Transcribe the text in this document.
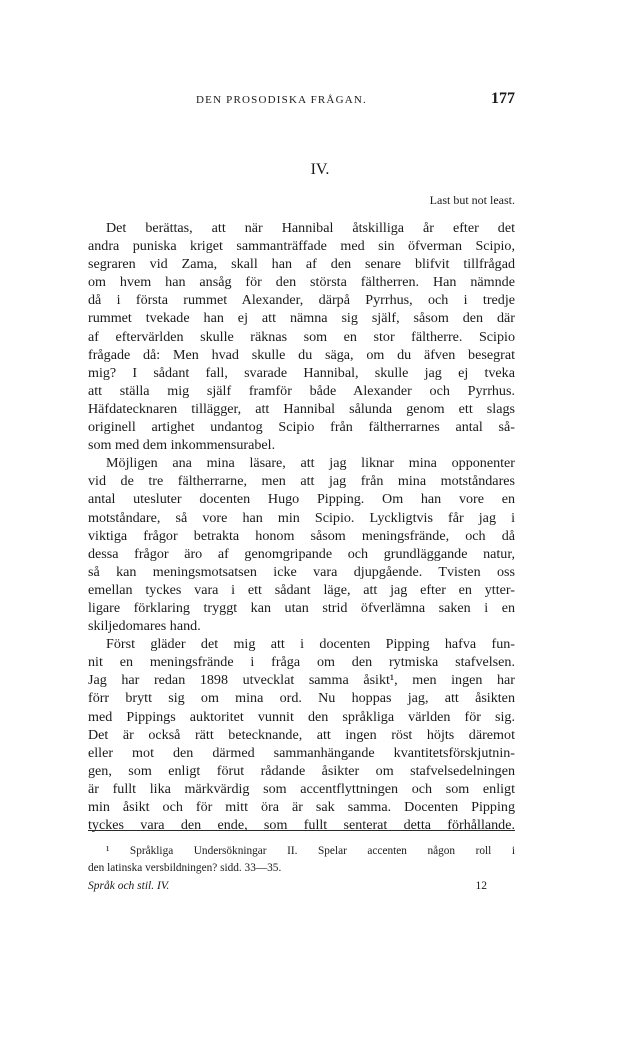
DEN PROSODISKA FRÅGAN.	177
IV.
Last but not least.
Det berättas, att när Hannibal åtskilliga år efter det
andra puniska kriget sammanträffade med sin öfverman Scipio,
segraren vid Zama, skall han af den senare blifvit tillfrågad
om hvem han ansåg för den största fältherren. Han nämnde
då i första rummet Alexander, därpå Pyrrhus, och i tredje
rummet tvekade han ej att nämna sig själf, såsom den där
af eftervärlden skulle räknas som en stor fältherre. Scipio
frågade då: Men hvad skulle du säga, om du äfven besegrat
mig? I sådant fall, svarade Hannibal, skulle jag ej tveka
att ställa mig själf framför både Alexander och Pyrrhus.
Häfdatecknaren tillägger, att Hannibal sålunda genom ett slags
originell artighet undantog Scipio från fältherrarnes antal så-
som med dem inkommensurabel.
Möjligen ana mina läsare, att jag liknar mina opponenter
vid de tre fältherrarne, men att jag från mina motståndares
antal utesluter docenten Hugo Pipping. Om han vore en
motståndare, så vore han min Scipio. Lyckligtvis får jag i
viktiga frågor betrakta honom såsom meningsfrände, och då
dessa frågor äro af genomgripande och grundläggande natur,
så kan meningsmotsatsen icke vara djupgående. Tvisten oss
emellan tyckes vara i ett sådant läge, att jag efter en ytter-
ligare förklaring tryggt kan utan strid öfverlämna saken i en
skiljedomares hand.
Först gläder det mig att i docenten Pipping hafva fun-
nit en meningsfrände i fråga om den rytmiska stafvelsen.
Jag har redan 1898 utvecklat samma åsikt¹, men ingen har
förr brytt sig om mina ord. Nu hoppas jag, att åsikten
med Pippings auktoritet vunnit den språkliga världen för sig.
Det är också rätt betecknande, att ingen röst höjts däremot
eller mot den därmed sammanhängande kvantitetsförskjutnin-
gen, som enligt förut rådande åsikter om stafvelsedelningen
är fullt lika märkvärdig som accentflyttningen och som enligt
min åsikt och för mitt öra är sak samma. Docenten Pipping
tyckes vara den ende, som fullt senterat detta förhållande.
¹ Språkliga Undersökningar II. Spelar accenten någon roll i
den latinska versbildningen? sidd. 33—35.
Språk och stil. IV.	12
